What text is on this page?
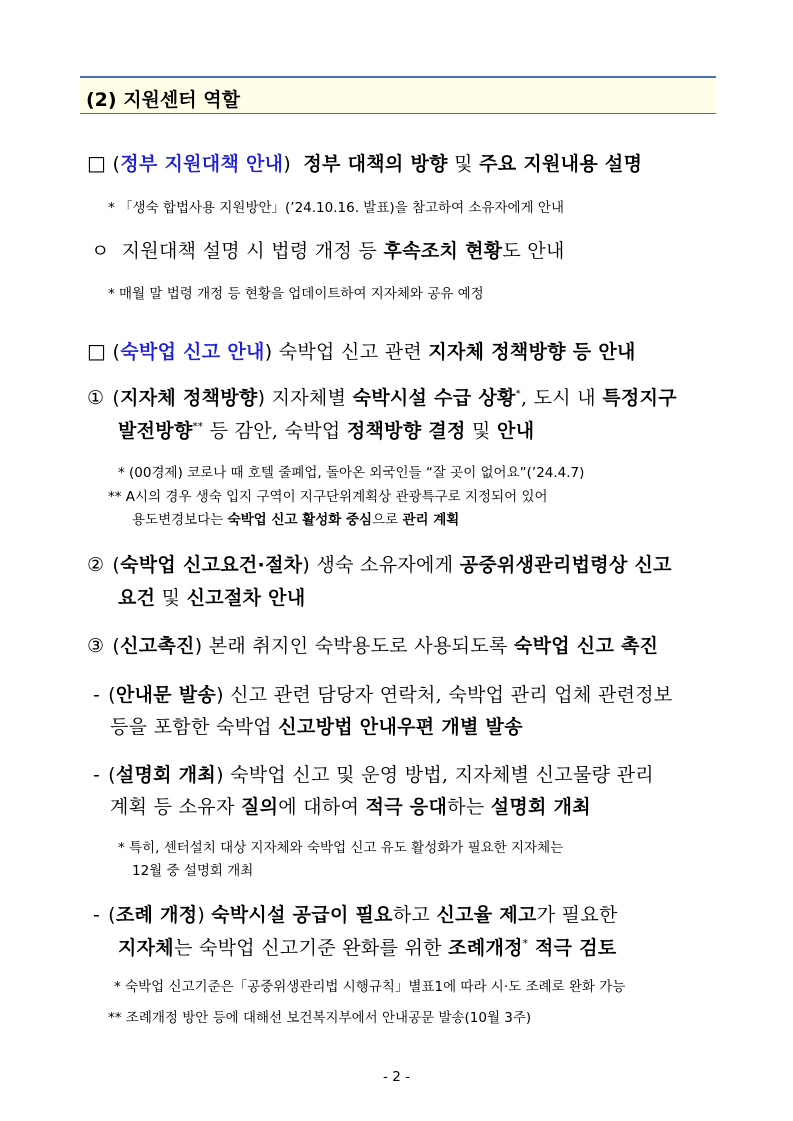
(2) 지원센터 역할
□ (정부 지원대책 안내) 정부 대책의 방향 및 주요 지원내용 설명
* 「생숙 합법사용 지원방안」(’24.10.16. 발표)을 참고하여 소유자에게 안내
ㅇ 지원대책 설명 시 법령 개정 등 후속조치 현황도 안내
* 매월 말 법령 개정 등 현황을 업데이트하여 지자체와 공유 예정
□ (숙박업 신고 안내) 숙박업 신고 관련 지자체 정책방향 등 안내
① (지자체 정책방향) 지자체별 숙박시설 수급 상황*, 도시 내 특정지구
발전방향** 등 감안, 숙박업 정책방향 결정 및 안내
* (00경제) 코로나 때 호텔 줄폐업, 돌아온 외국인들 “잘 곳이 없어요”(’24.4.7)
** A시의 경우 생숙 입지 구역이 지구단위계획상 관광특구로 지정되어 있어
용도변경보다는 숙박업 신고 활성화 중심으로 관리 계획
② (숙박업 신고요건·절차) 생숙 소유자에게 공중위생관리법령상 신고
요건 및 신고절차 안내
③ (신고촉진) 본래 취지인 숙박용도로 사용되도록 숙박업 신고 촉진
- (안내문 발송) 신고 관련 담당자 연락처, 숙박업 관리 업체 관련정보
등을 포함한 숙박업 신고방법 안내우편 개별 발송
- (설명회 개최) 숙박업 신고 및 운영 방법, 지자체별 신고물량 관리
계획 등 소유자 질의에 대하여 적극 응대하는 설명회 개최
* 특히, 센터설치 대상 지자체와 숙박업 신고 유도 활성화가 필요한 지자체는
12월 중 설명회 개최
- (조례 개정) 숙박시설 공급이 필요하고 신고율 제고가 필요한
지자체는 숙박업 신고기준 완화를 위한 조례개정* 적극 검토
* 숙박업 신고기준은「공중위생관리법 시행규칙」별표1에 따라 시·도 조례로 완화 가능
** 조례개정 방안 등에 대해선 보건복지부에서 안내공문 발송(10월 3주)
- 2 -
